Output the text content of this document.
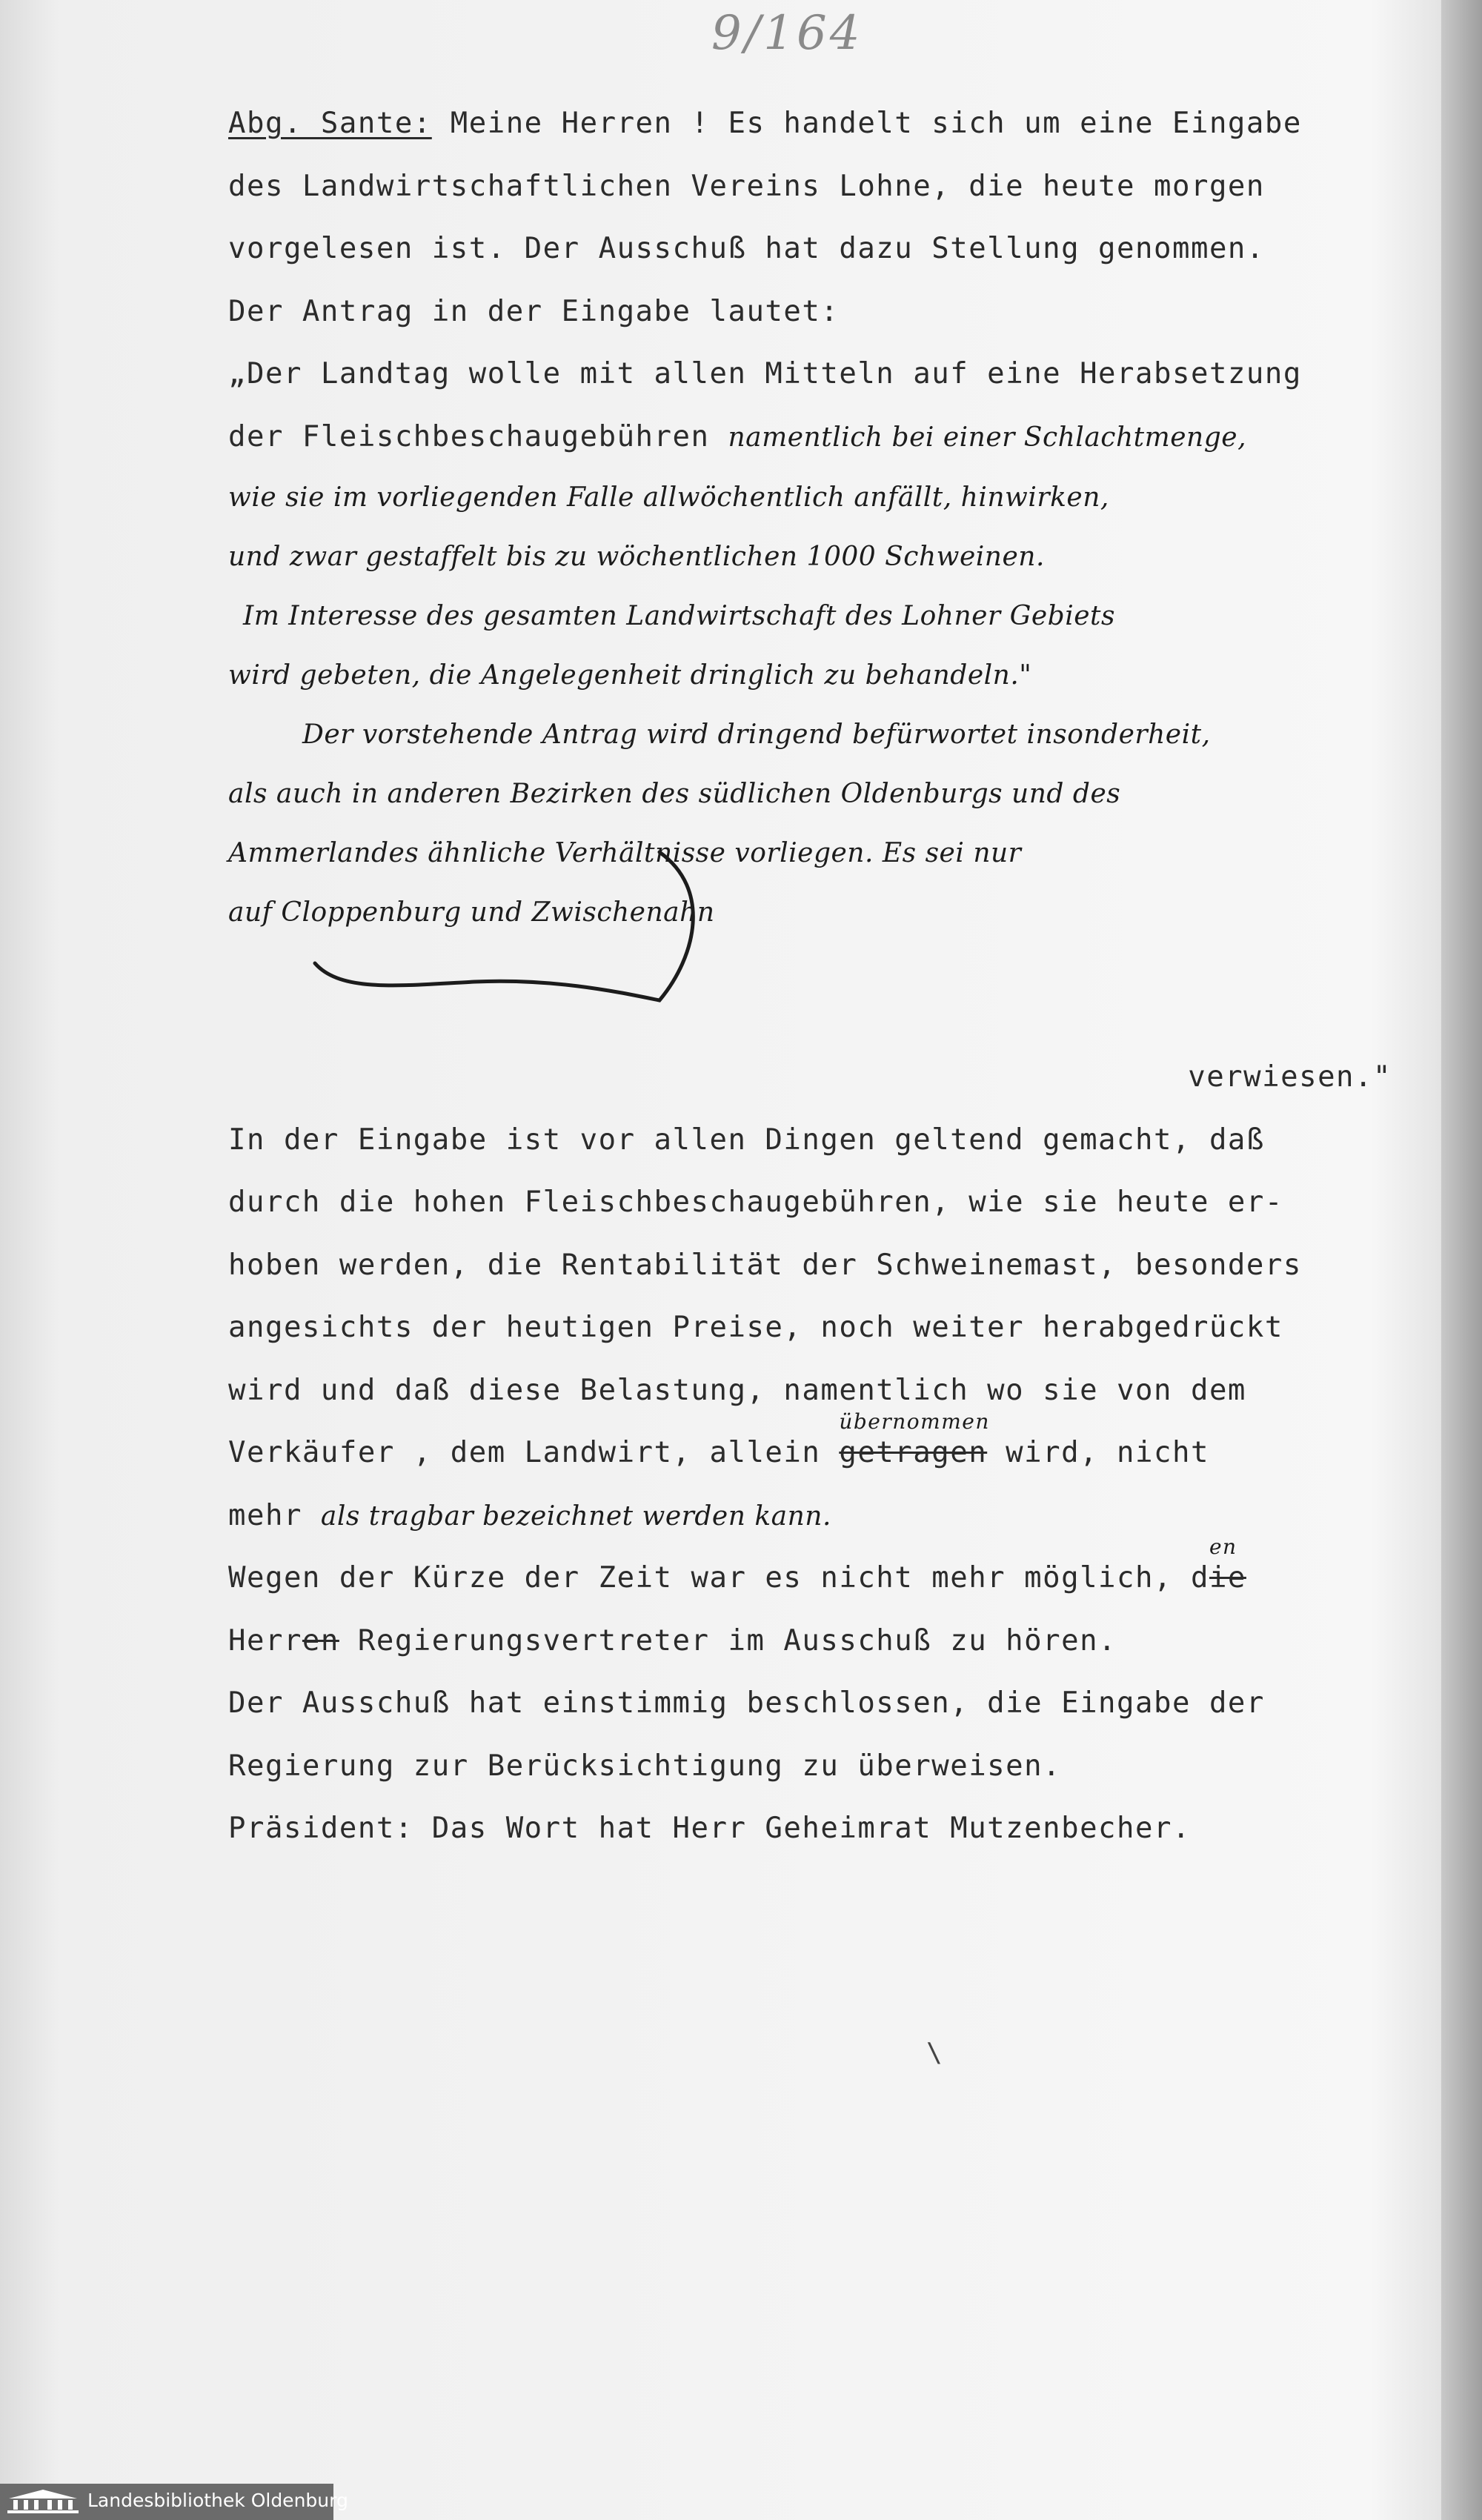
9/164
Abg. Sante: Meine Herren ! Es handelt sich um eine Eingabe
des Landwirtschaftlichen Vereins Lohne, die heute morgen
vorgelesen ist. Der Ausschuß hat dazu Stellung genommen.
Der Antrag in der Eingabe lautet:
„Der Landtag wolle mit allen Mitteln auf eine Herabsetzung
der Fleischbeschaugebühren namentlich bei einer Schlachtmenge,
wie sie im vorliegenden Falle allwöchentlich anfällt, hinwirken,
und zwar gestaffelt bis zu wöchentlichen 1000 Schweinen.
Im Interesse des gesamten Landwirtschaft des Lohner Gebiets
wird gebeten, die Angelegenheit dringlich zu behandeln."
Der vorstehende Antrag wird dringend befürwortet insonderheit,
als auch in anderen Bezirken des südlichen Oldenburgs und des
Ammerlandes ähnliche Verhältnisse vorliegen. Es sei nur
auf Cloppenburg und Zwischenahn
verwiesen."
In der Eingabe ist vor allen Dingen geltend gemacht, daß
durch die hohen Fleischbeschaugebühren, wie sie heute er-
hoben werden, die Rentabilität der Schweinemast, besonders
angesichts der heutigen Preise, noch weiter herabgedrückt
wird und daß diese Belastung, namentlich wo sie von dem
Verkäufer , dem Landwirt, allein
übernommen
getragen wird, nicht
mehr als tragbar bezeichnet werden kann.
Wegen der Kürze der Zeit war es nicht mehr möglich, d
en
ie
Herren Regierungsvertreter im Ausschuß zu hören.
Der Ausschuß hat einstimmig beschlossen, die Eingabe der
Regierung zur Berücksichtigung zu überweisen.
Präsident: Das Wort hat Herr Geheimrat Mutzenbecher.
\
Landesbibliothek Oldenburg
